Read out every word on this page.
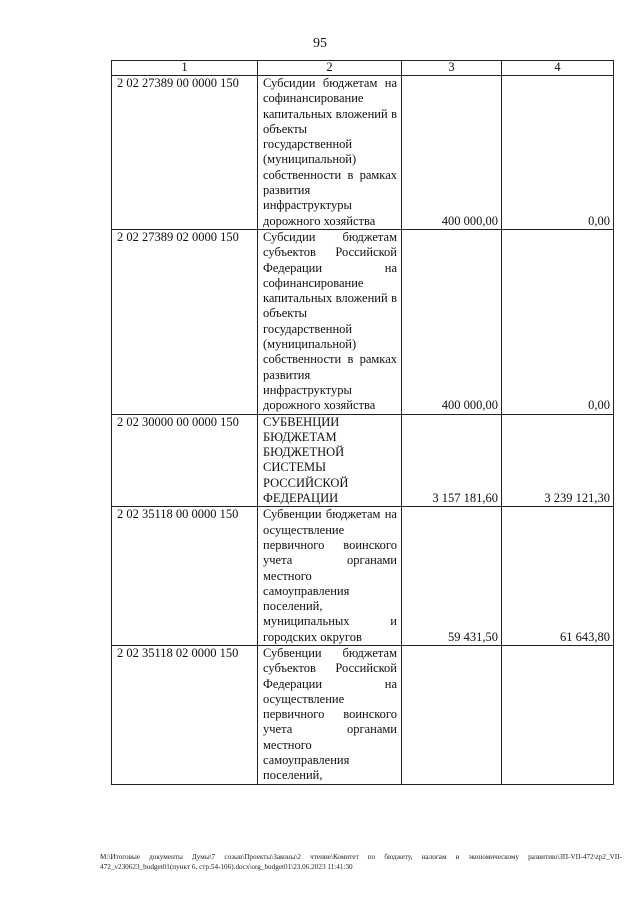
95
1	2	3	4
2 02 27389 00 0000 150	Субсидии бюджетам на софинансирование капитальных вложений в объекты государственной (муниципальной) собственности в рамках развития инфраструктуры дорожного хозяйства	400 000,00	0,00

2 02 27389 02 0000 150	Субсидии бюджетам субъектов Российской Федерации на софинансирование капитальных вложений в объекты государственной (муниципальной) собственности в рамках развития инфраструктуры дорожного хозяйства	400 000,00	0,00

2 02 30000 00 0000 150	СУБВЕНЦИИ БЮДЖЕТАМ БЮДЖЕТНОЙ СИСТЕМЫ РОССИЙСКОЙ ФЕДЕРАЦИИ	3 157 181,60	3 239 121,30

2 02 35118 00 0000 150	Субвенции бюджетам на осуществление первичного воинского учета органами местного самоуправления поселений, муниципальных и городских округов	59 431,50	61 643,80

2 02 35118 02 0000 150	Субвенции бюджетам субъектов Российской Федерации на осуществление первичного воинского учета органами местного самоуправления поселений,	

M:\Итоговые документы Думы\7 созыв\Проекты\Законы\2 чтение\Комитет по бюджету, налогам и экономическому развитию\ЗП-VII-472\zp2_VII-472_v230623_budget01(пункт 6, стр.54-106).docx\org_budget01\23.06.2023 11:41:30
